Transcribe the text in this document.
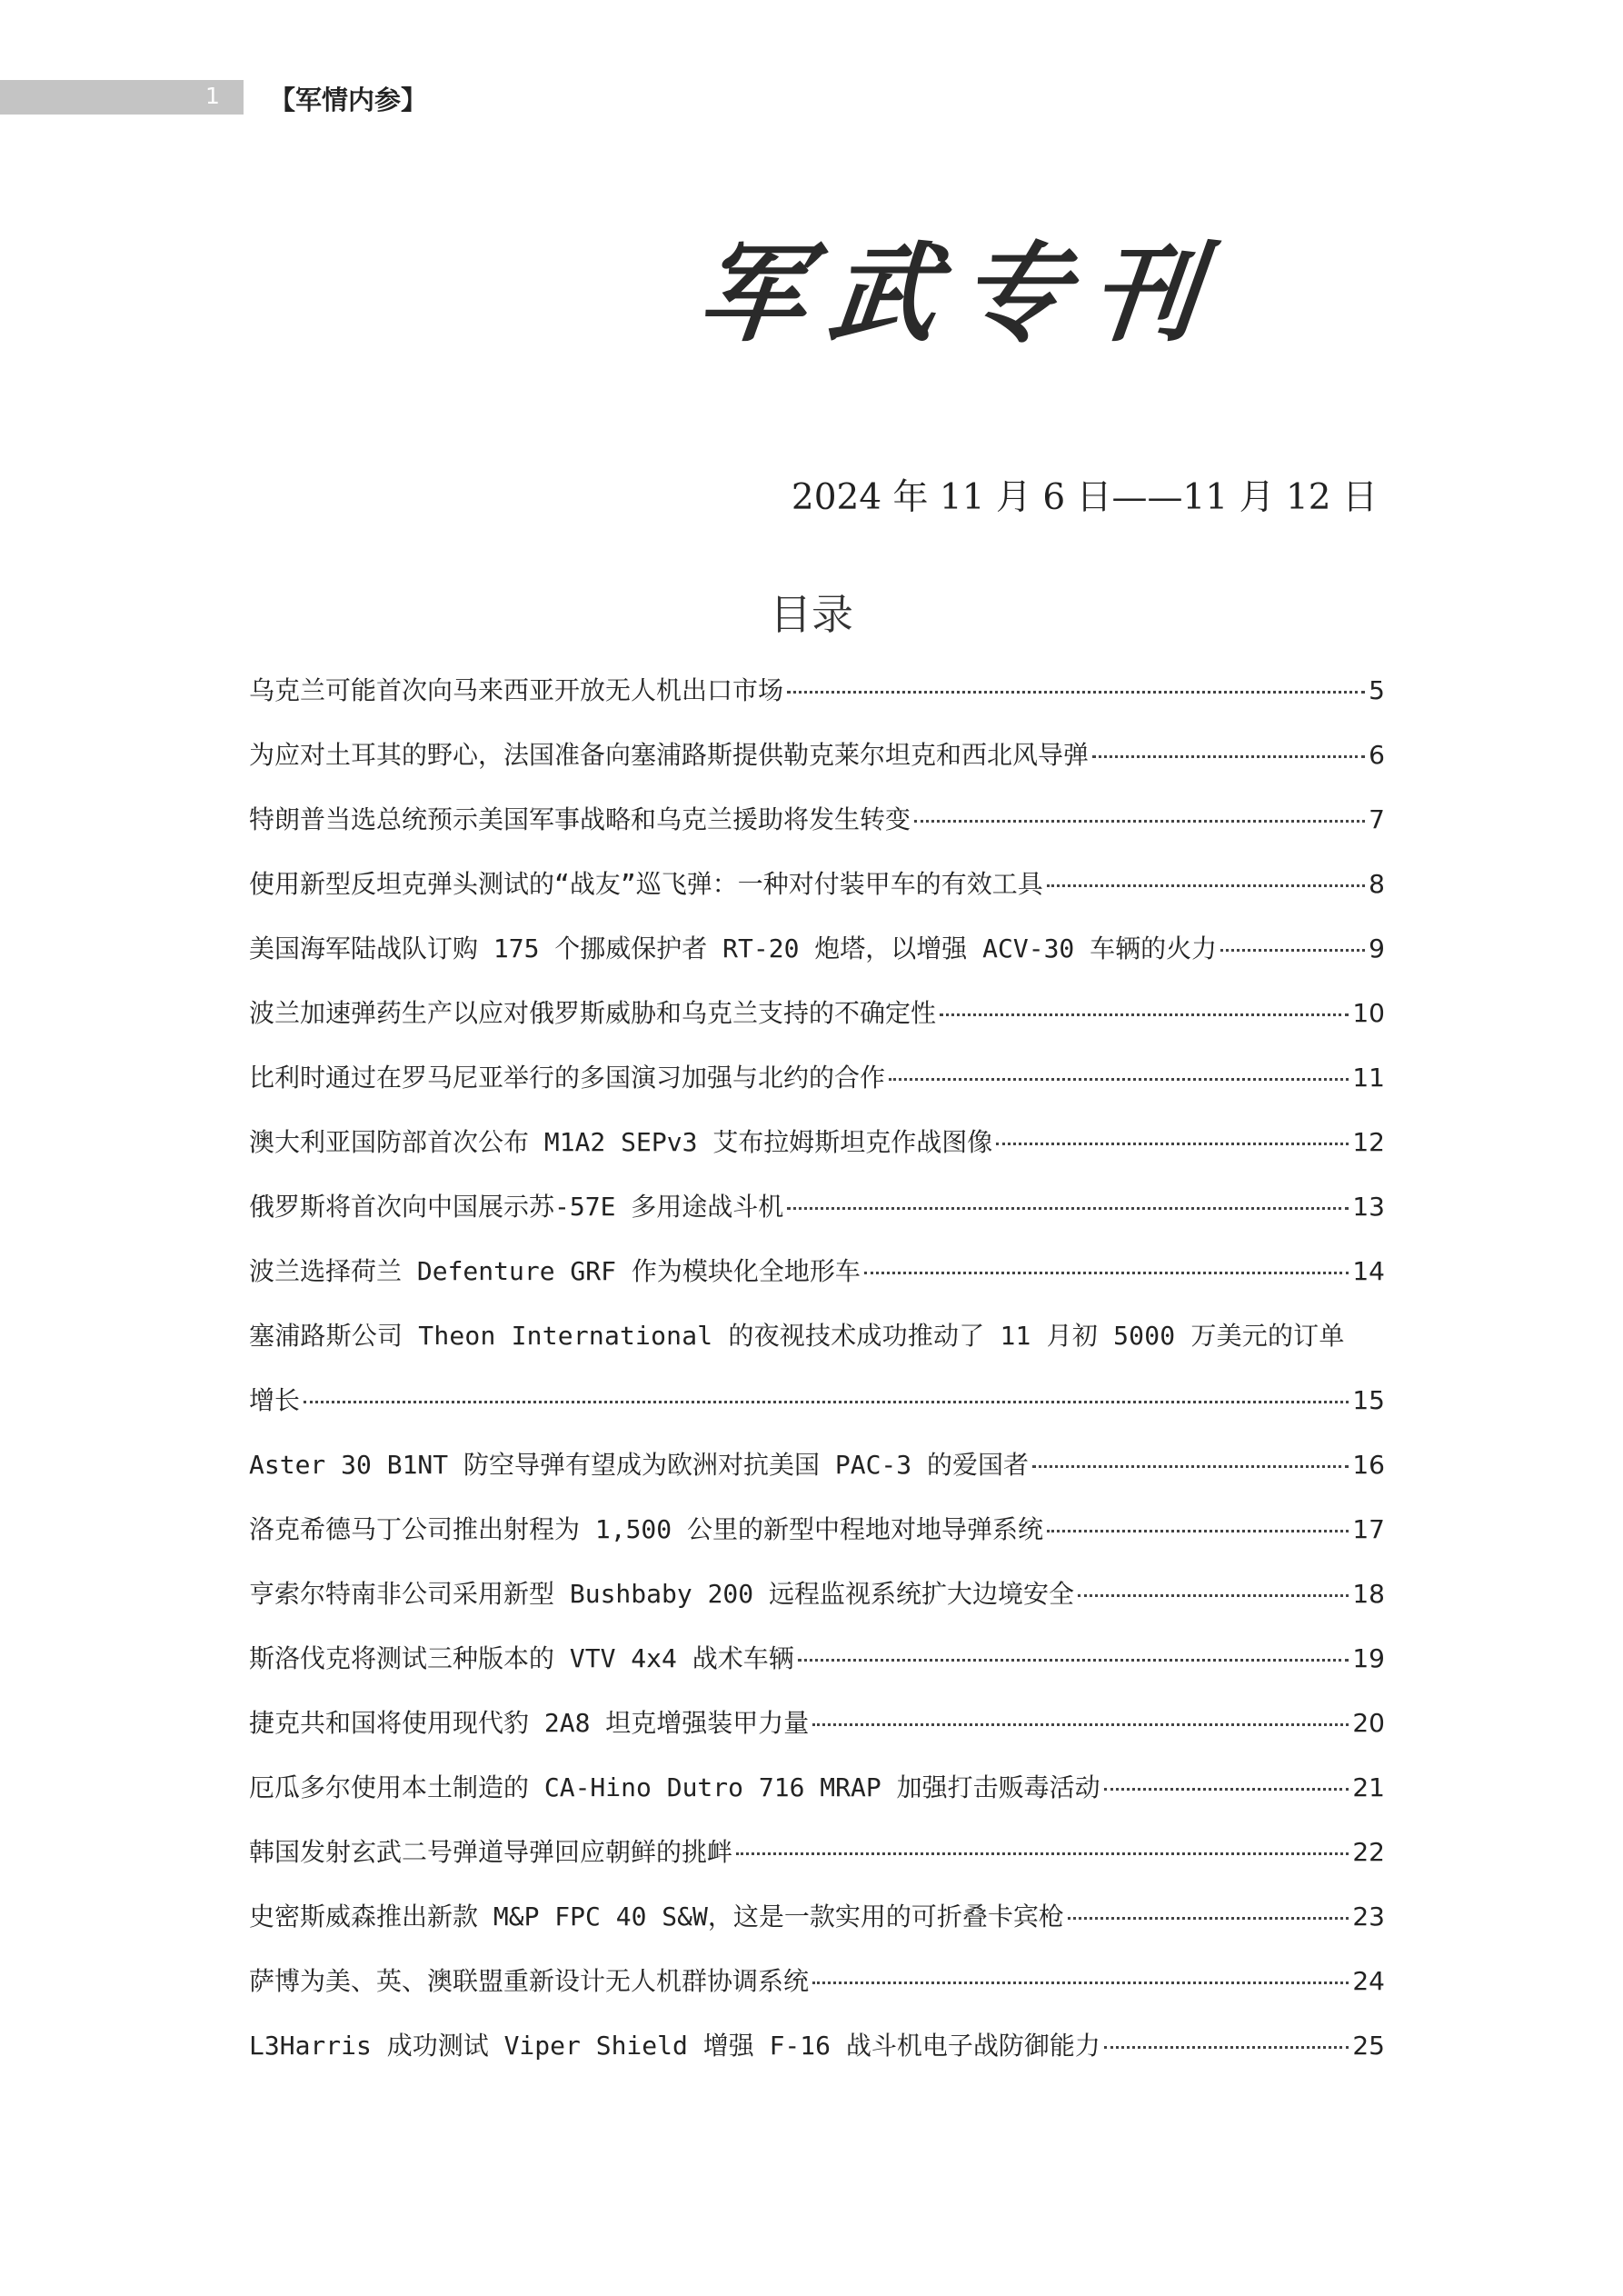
1 【军情内参】
军武专刊
2024 年 11 月 6 日——11 月 12 日
目录
乌克兰可能首次向马来西亚开放无人机出口市场	5
为应对土耳其的野心，法国准备向塞浦路斯提供勒克莱尔坦克和西北风导弹	6
特朗普当选总统预示美国军事战略和乌克兰援助将发生转变	7
使用新型反坦克弹头测试的“战友”巡飞弹：一种对付装甲车的有效工具	8
美国海军陆战队订购 175 个挪威保护者 RT-20 炮塔，以增强 ACV-30 车辆的火力	9
波兰加速弹药生产以应对俄罗斯威胁和乌克兰支持的不确定性	10
比利时通过在罗马尼亚举行的多国演习加强与北约的合作	11
澳大利亚国防部首次公布 M1A2 SEPv3 艾布拉姆斯坦克作战图像	12
俄罗斯将首次向中国展示苏-57E 多用途战斗机	13
波兰选择荷兰 Defenture GRF 作为模块化全地形车	14
塞浦路斯公司 Theon International 的夜视技术成功推动了 11 月初 5000 万美元的订单
增长	15
Aster 30 B1NT 防空导弹有望成为欧洲对抗美国 PAC-3 的爱国者	16
洛克希德马丁公司推出射程为 1,500 公里的新型中程地对地导弹系统	17
亨索尔特南非公司采用新型 Bushbaby 200 远程监视系统扩大边境安全	18
斯洛伐克将测试三种版本的 VTV 4x4 战术车辆	19
捷克共和国将使用现代豹 2A8 坦克增强装甲力量	20
厄瓜多尔使用本土制造的 CA-Hino Dutro 716 MRAP 加强打击贩毒活动	21
韩国发射玄武二号弹道导弹回应朝鲜的挑衅	22
史密斯威森推出新款 M&P FPC 40 S&W，这是一款实用的可折叠卡宾枪	23
萨博为美、英、澳联盟重新设计无人机群协调系统	24
L3Harris 成功测试 Viper Shield 增强 F-16 战斗机电子战防御能力	25
